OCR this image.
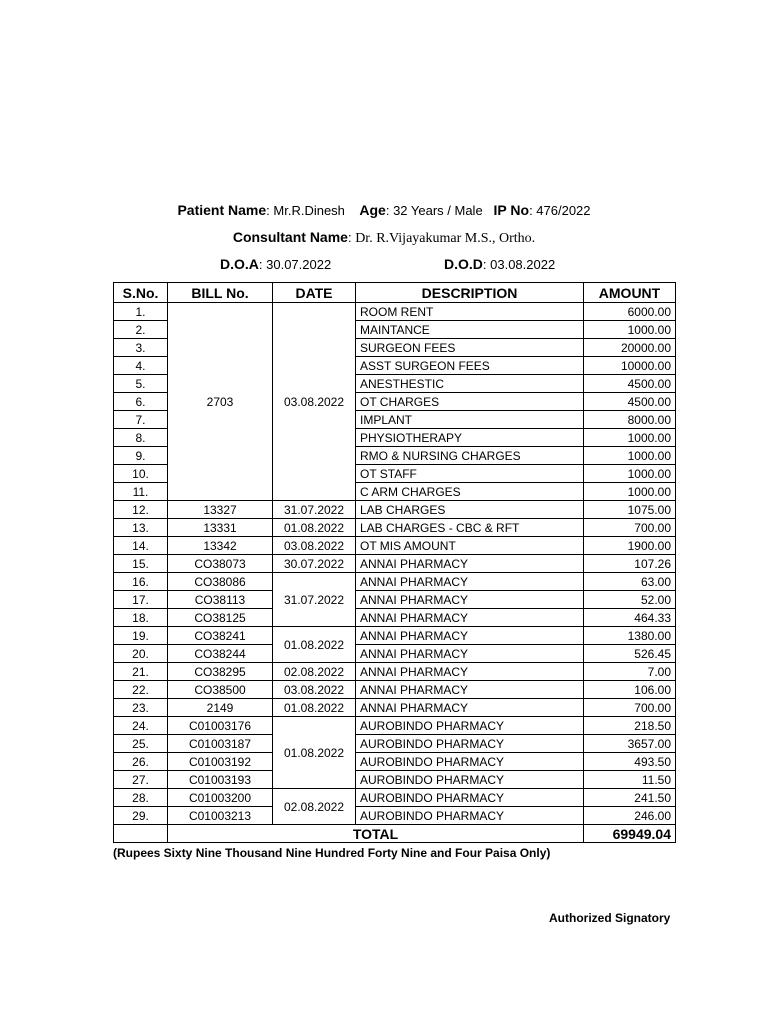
Patient Name: Mr.R.Dinesh Age: 32 Years / Male IP No: 476/2022
Consultant Name: Dr. R.Vijayakumar M.S., Ortho.
D.O.A: 30.07.2022	D.O.D: 03.08.2022
S.No.	BILL No.	DATE	DESCRIPTION	AMOUNT
1.	2703	03.08.2022	ROOM RENT	6000.00
2.			MAINTANCE	1000.00
3.			SURGEON FEES	20000.00
4.			ASST SURGEON FEES	10000.00
5.			ANESTHESTIC	4500.00
6.			OT CHARGES	4500.00
7.			IMPLANT	8000.00
8.			PHYSIOTHERAPY	1000.00
9.			RMO & NURSING CHARGES	1000.00
10.			OT STAFF	1000.00
11.			C ARM CHARGES	1000.00
12.	13327	31.07.2022	LAB CHARGES	1075.00
13.	13331	01.08.2022	LAB CHARGES - CBC & RFT	700.00
14.	13342	03.08.2022	OT MIS AMOUNT	1900.00
15.	CO38073	30.07.2022	ANNAI PHARMACY	107.26
16.	CO38086	31.07.2022	ANNAI PHARMACY	63.00
17.	CO38113		ANNAI PHARMACY	52.00
18.	CO38125		ANNAI PHARMACY	464.33
19.	CO38241	01.08.2022	ANNAI PHARMACY	1380.00
20.	CO38244		ANNAI PHARMACY	526.45
21.	CO38295	02.08.2022	ANNAI PHARMACY	7.00
22.	CO38500	03.08.2022	ANNAI PHARMACY	106.00
23.	2149	01.08.2022	ANNAI PHARMACY	700.00
24.	C01003176	01.08.2022	AUROBINDO PHARMACY	218.50
25.	C01003187		AUROBINDO PHARMACY	3657.00
26.	C01003192		AUROBINDO PHARMACY	493.50
27.	C01003193		AUROBINDO PHARMACY	11.50
28.	C01003200	02.08.2022	AUROBINDO PHARMACY	241.50
29.	C01003213		AUROBINDO PHARMACY	246.00
	TOTAL			69949.04
(Rupees Sixty Nine Thousand Nine Hundred Forty Nine and Four Paisa Only)
Authorized Signatory
